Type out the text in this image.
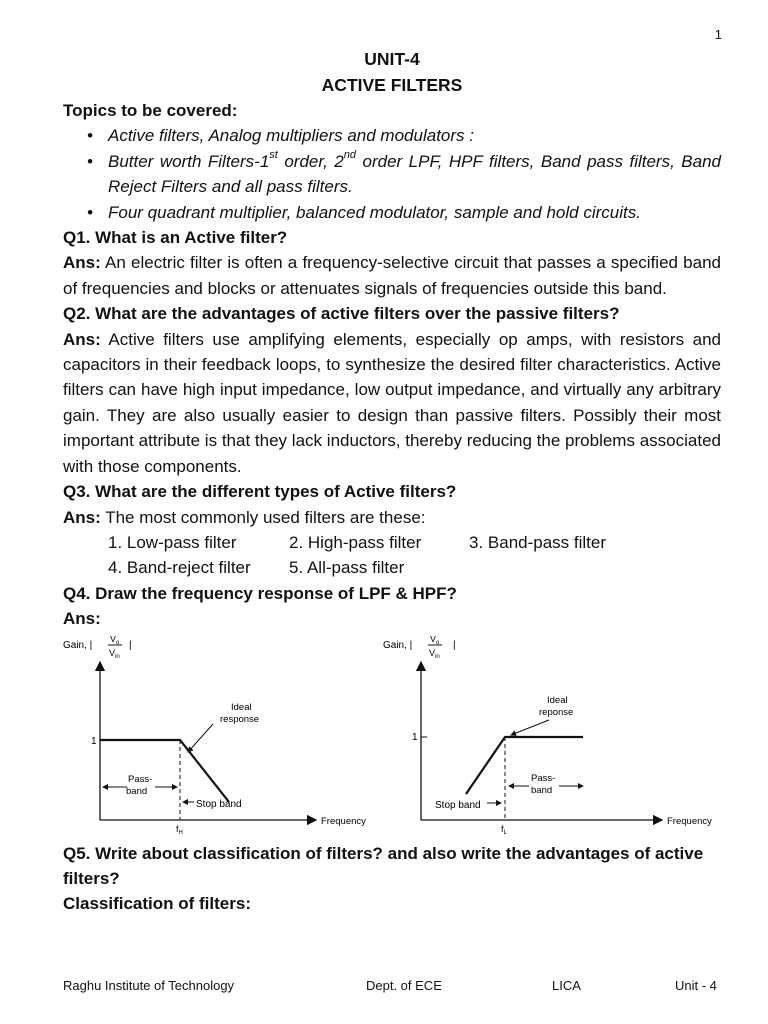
1
UNIT-4
ACTIVE FILTERS
Topics to be covered:
• Active filters, Analog multipliers and modulators :
• Butter worth Filters-1st order, 2nd order LPF, HPF filters, Band pass filters, Band Reject Filters and all pass filters.
• Four quadrant multiplier, balanced modulator, sample and hold circuits.
Q1. What is an Active filter?
Ans: An electric filter is often a frequency-selective circuit that passes a specified band of frequencies and blocks or attenuates signals of frequencies outside this band.
Q2. What are the advantages of active filters over the passive filters?
Ans: Active filters use amplifying elements, especially op amps, with resistors and capacitors in their feedback loops, to synthesize the desired filter characteristics. Active filters can have high input impedance, low output impedance, and virtually any arbitrary gain. They are also usually easier to design than passive filters. Possibly their most important attribute is that they lack inductors, thereby reducing the problems associated with those components.
Q3. What are the different types of Active filters?
Ans: The most commonly used filters are these:
1. Low-pass filter	2. High-pass filter	3. Band-pass filter
4. Band-reject filter	5. All-pass filter
Q4. Draw the frequency response of LPF & HPF?
Ans:
Gain, |
$V_o$
$V_{in}$
|
1
Ideal
response
Pass-
band
Stop band
Frequency
$f_H$
Gain, |
$V_o$
$V_{in}$
|
1
Ideal
reponse
Pass-
band
Stop band
Frequency
$f_L$
Q5. Write about classification of filters? and also write the advantages of active filters?
Classification of filters:
Raghu Institute of Technology	Dept. of ECE	LICA	Unit - 4
